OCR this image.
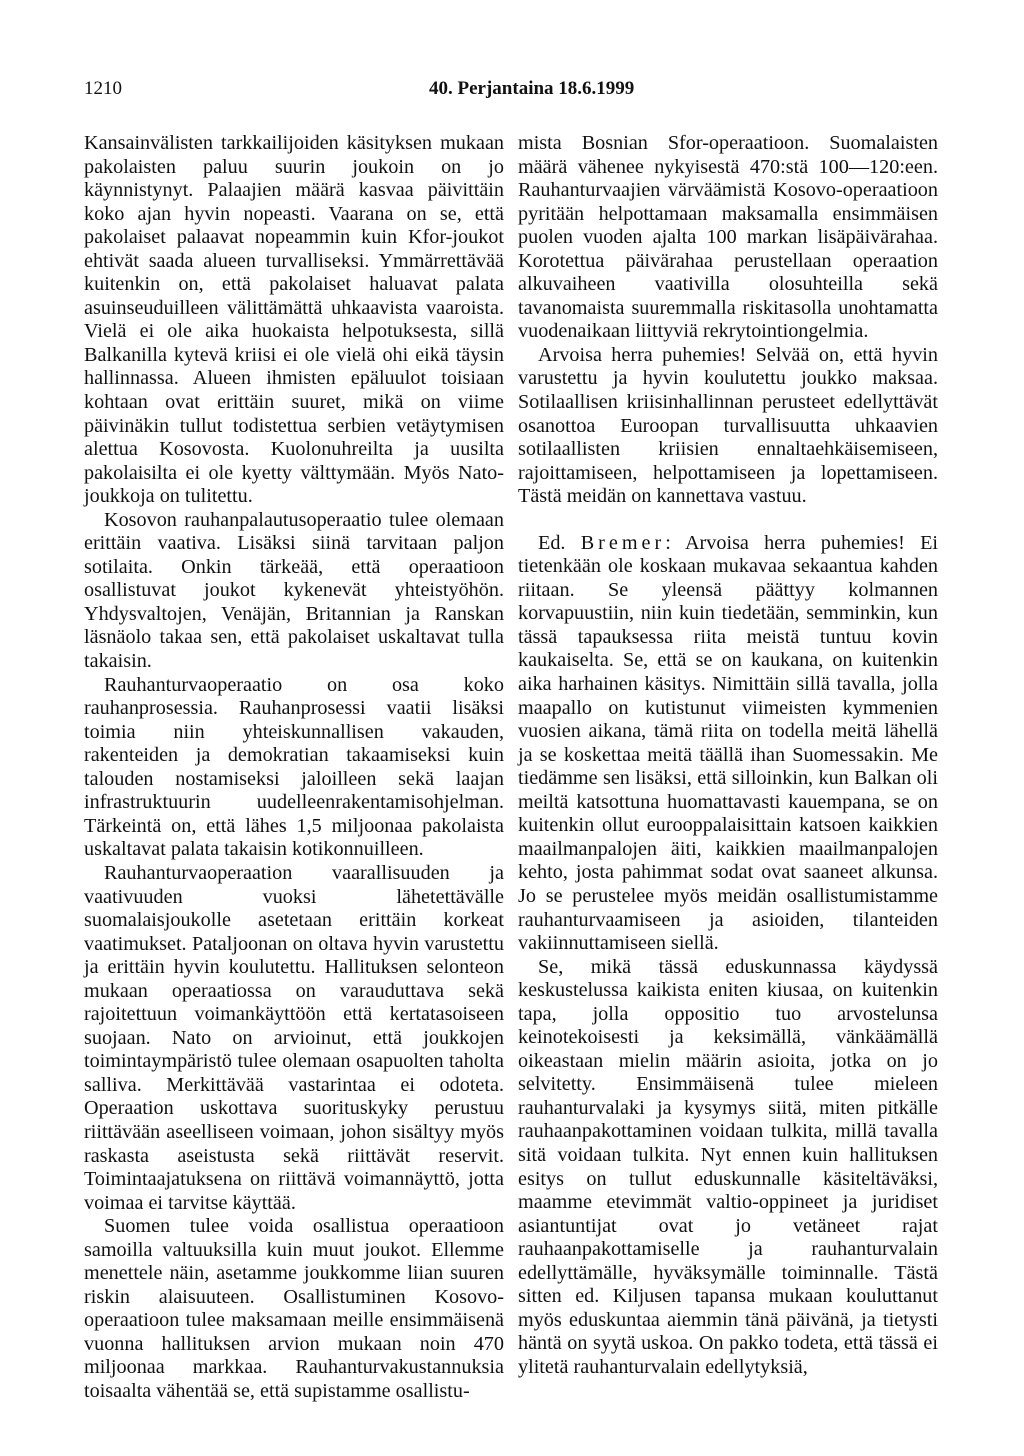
1210	40. Perjantaina 18.6.1999

Kansainvälisten tarkkailijoiden käsityksen mukaan pakolaisten paluu suurin joukoin on jo käynnistynyt. Palaajien määrä kasvaa päivittäin koko ajan hyvin nopeasti. Vaarana on se, että pakolaiset palaavat nopeammin kuin Kfor-joukot ehtivät saada alueen turvalliseksi. Ymmärrettävää kuitenkin on, että pakolaiset haluavat palata asuinseuduilleen välittämättä uhkaavista vaaroista. Vielä ei ole aika huokaista helpotuksesta, sillä Balkanilla kytevä kriisi ei ole vielä ohi eikä täysin hallinnassa. Alueen ihmisten epäluulot toisiaan kohtaan ovat erittäin suuret, mikä on viime päivinäkin tullut todistettua serbien vetäytymisen alettua Kosovosta. Kuolonuhreilta ja uusilta pakolaisilta ei ole kyetty välttymään. Myös Nato-joukkoja on tulitettu.

Kosovon rauhanpalautusoperaatio tulee olemaan erittäin vaativa. Lisäksi siinä tarvitaan paljon sotilaita. Onkin tärkeää, että operaatioon osallistuvat joukot kykenevät yhteistyöhön. Yhdysvaltojen, Venäjän, Britannian ja Ranskan läsnäolo takaa sen, että pakolaiset uskaltavat tulla takaisin.

Rauhanturvaoperaatio on osa koko rauhanprosessia. Rauhanprosessi vaatii lisäksi toimia niin yhteiskunnallisen vakauden, rakenteiden ja demokratian takaamiseksi kuin talouden nostamiseksi jaloilleen sekä laajan infrastruktuurin uudelleenrakentamisohjelman. Tärkeintä on, että lähes 1,5 miljoonaa pakolaista uskaltavat palata takaisin kotikonnuilleen.

Rauhanturvaoperaation vaarallisuuden ja vaativuuden vuoksi lähetettävälle suomalaisjoukolle asetetaan erittäin korkeat vaatimukset. Pataljoonan on oltava hyvin varustettu ja erittäin hyvin koulutettu. Hallituksen selonteon mukaan operaatiossa on varauduttava sekä rajoitettuun voimankäyttöön että kertatasoiseen suojaan. Nato on arvioinut, että joukkojen toimintaympäristö tulee olemaan osapuolten taholta salliva. Merkittävää vastarintaa ei odoteta. Operaation uskottava suorituskyky perustuu riittävään aseelliseen voimaan, johon sisältyy myös raskasta aseistusta sekä riittävät reservit. Toimintaajatuksena on riittävä voimannäyttö, jotta voimaa ei tarvitse käyttää.

Suomen tulee voida osallistua operaatioon samoilla valtuuksilla kuin muut joukot. Ellemme menettele näin, asetamme joukkomme liian suuren riskin alaisuuteen. Osallistuminen Kosovo-operaatioon tulee maksamaan meille ensimmäisenä vuonna hallituksen arvion mukaan noin 470 miljoonaa markkaa. Rauhanturvakustannuksia toisaalta vähentää se, että supistamme osallistu-

mista Bosnian Sfor-operaatioon. Suomalaisten määrä vähenee nykyisestä 470:stä 100—120:een. Rauhanturvaajien värväämistä Kosovo-operaatioon pyritään helpottamaan maksamalla ensimmäisen puolen vuoden ajalta 100 markan lisäpäivärahaa. Korotettua päivärahaa perustellaan operaation alkuvaiheen vaativilla olosuhteilla sekä tavanomaista suuremmalla riskitasolla unohtamatta vuodenaikaan liittyviä rekrytointiongelmia.

Arvoisa herra puhemies! Selvää on, että hyvin varustettu ja hyvin koulutettu joukko maksaa. Sotilaallisen kriisinhallinnan perusteet edellyttävät osanottoa Euroopan turvallisuutta uhkaavien sotilaallisten kriisien ennaltaehkäisemiseen, rajoittamiseen, helpottamiseen ja lopettamiseen. Tästä meidän on kannettava vastuu.

Ed. Bremer: Arvoisa herra puhemies! Ei tietenkään ole koskaan mukavaa sekaantua kahden riitaan. Se yleensä päättyy kolmannen korvapuustiin, niin kuin tiedetään, semminkin, kun tässä tapauksessa riita meistä tuntuu kovin kaukaiselta. Se, että se on kaukana, on kuitenkin aika harhainen käsitys. Nimittäin sillä tavalla, jolla maapallo on kutistunut viimeisten kymmenien vuosien aikana, tämä riita on todella meitä lähellä ja se koskettaa meitä täällä ihan Suomessakin. Me tiedämme sen lisäksi, että silloinkin, kun Balkan oli meiltä katsottuna huomattavasti kauempana, se on kuitenkin ollut eurooppalaisittain katsoen kaikkien maailmanpalojen äiti, kaikkien maailmanpalojen kehto, josta pahimmat sodat ovat saaneet alkunsa. Jo se perustelee myös meidän osallistumistamme rauhanturvaamiseen ja asioiden, tilanteiden vakiinnuttamiseen siellä.

Se, mikä tässä eduskunnassa käydyssä keskustelussa kaikista eniten kiusaa, on kuitenkin tapa, jolla oppositio tuo arvostelunsa keinotekoisesti ja keksimällä, vänkäämällä oikeastaan mielin määrin asioita, jotka on jo selvitetty. Ensimmäisenä tulee mieleen rauhanturvalaki ja kysymys siitä, miten pitkälle rauhaanpakottaminen voidaan tulkita, millä tavalla sitä voidaan tulkita. Nyt ennen kuin hallituksen esitys on tullut eduskunnalle käsiteltäväksi, maamme etevimmät valtio-oppineet ja juridiset asiantuntijat ovat jo vetäneet rajat rauhaanpakottamiselle ja rauhanturvalain edellyttämälle, hyväksymälle toiminnalle. Tästä sitten ed. Kiljusen tapansa mukaan kouluttanut myös eduskuntaa aiemmin tänä päivänä, ja tietysti häntä on syytä uskoa. On pakko todeta, että tässä ei ylitetä rauhanturvalain edellytyksiä,
